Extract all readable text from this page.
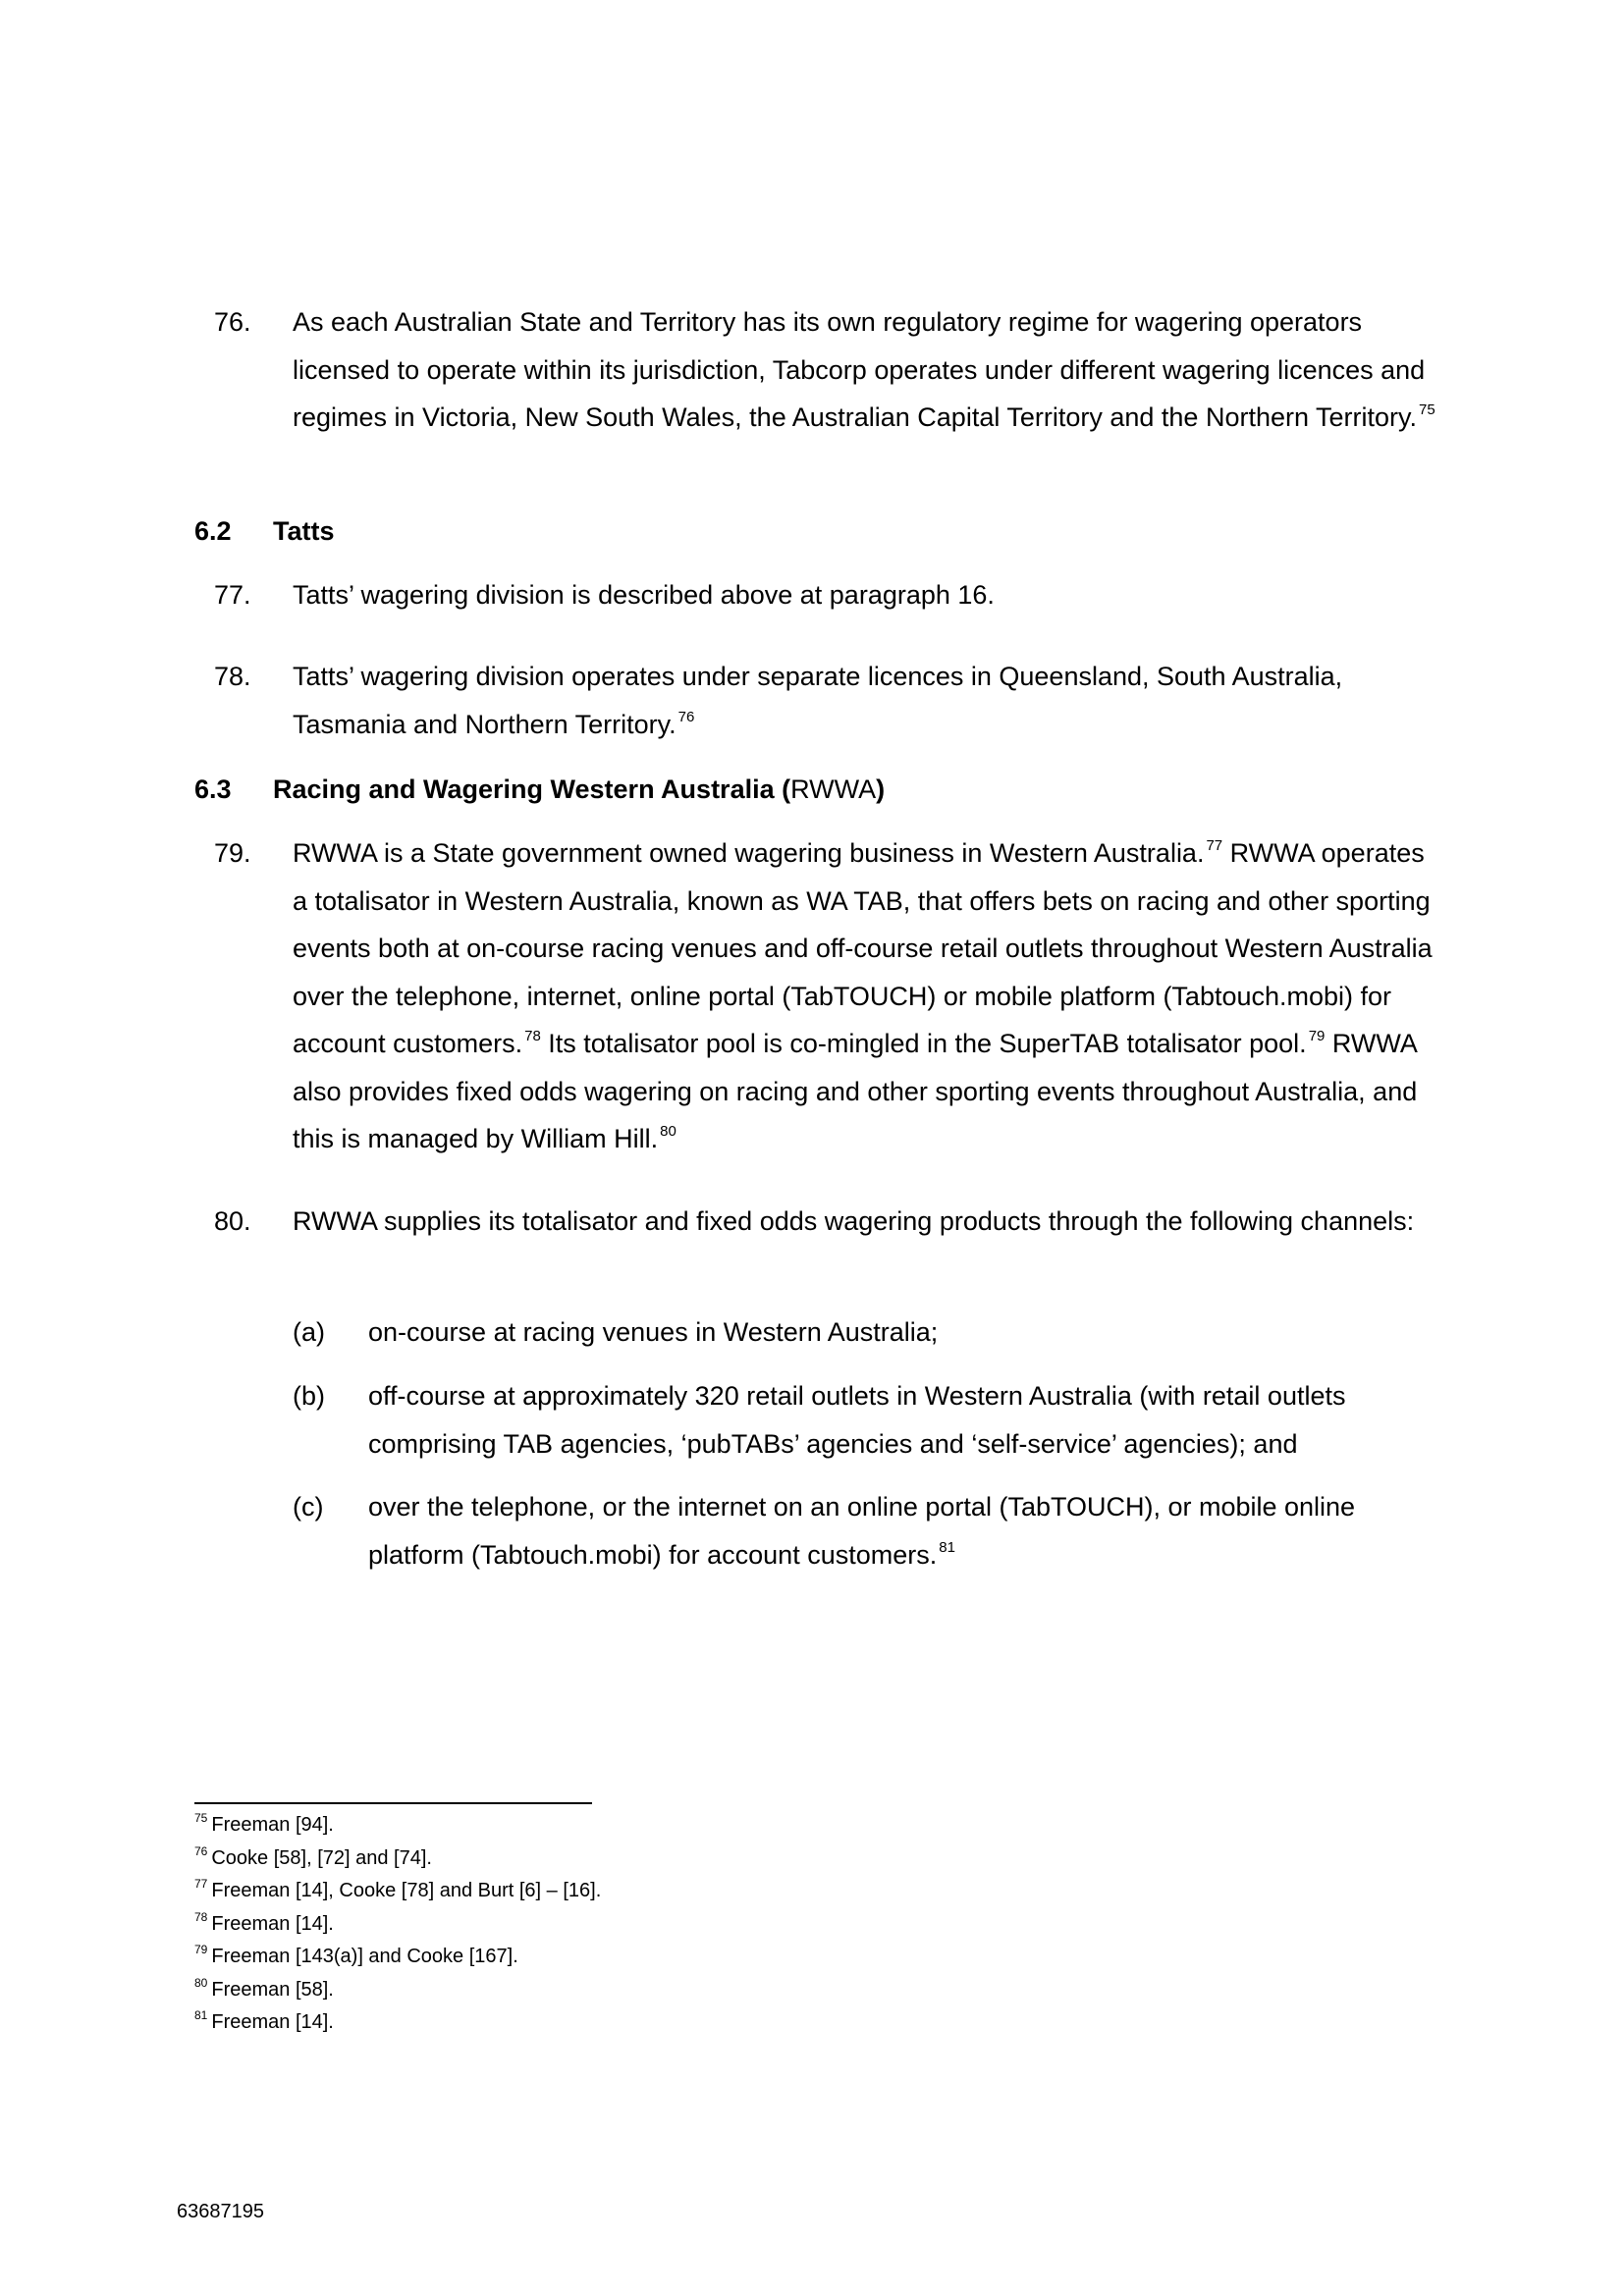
76. As each Australian State and Territory has its own regulatory regime for wagering operators licensed to operate within its jurisdiction, Tabcorp operates under different wagering licences and regimes in Victoria, New South Wales, the Australian Capital Territory and the Northern Territory. $^{75}$
6.2 Tatts
77. Tatts’ wagering division is described above at paragraph 16.
78. Tatts’ wagering division operates under separate licences in Queensland, South Australia, Tasmania and Northern Territory. $^{76}$
6.3 Racing and Wagering Western Australia (RWWA)
79. RWWA is a State government owned wagering business in Western Australia. $^{77}$ RWWA operates a totalisator in Western Australia, known as WA TAB, that offers bets on racing and other sporting events both at on-course racing venues and off-course retail outlets throughout Western Australia over the telephone, internet, online portal (TabTOUCH) or mobile platform (Tabtouch.mobi) for account customers. $^{78}$ Its totalisator pool is co-mingled in the SuperTAB totalisator pool. $^{79}$ RWWA also provides fixed odds wagering on racing and other sporting events throughout Australia, and this is managed by William Hill. $^{80}$
80. RWWA supplies its totalisator and fixed odds wagering products through the following channels:
(a) on-course at racing venues in Western Australia;
(b) off-course at approximately 320 retail outlets in Western Australia (with retail outlets comprising TAB agencies, ‘pubTABs’ agencies and ‘self-service’ agencies); and
(c) over the telephone, or the internet on an online portal (TabTOUCH), or mobile online platform (Tabtouch.mobi) for account customers. $^{81}$
$^{75}$ Freeman [94].
$^{76}$ Cooke [58], [72] and [74].
$^{77}$ Freeman [14], Cooke [78] and Burt [6] – [16].
$^{78}$ Freeman [14].
$^{79}$ Freeman [143(a)] and Cooke [167].
$^{80}$ Freeman [58].
$^{81}$ Freeman [14].
63687195
